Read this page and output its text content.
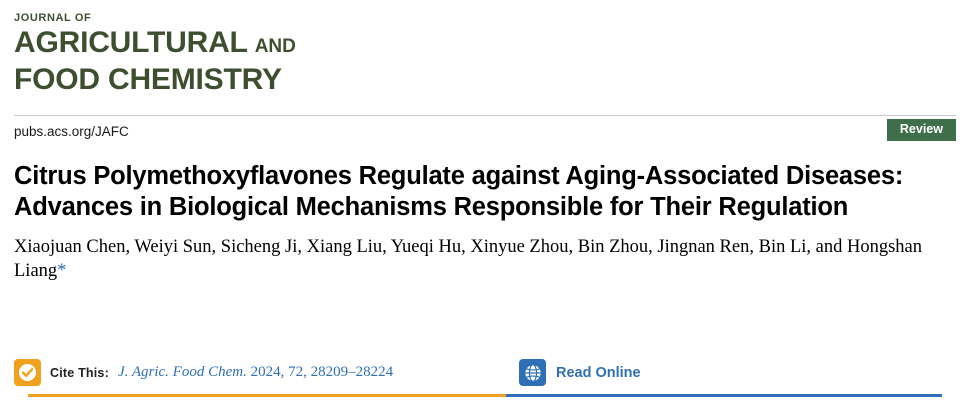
JOURNAL OF
AGRICULTURAL AND
FOOD CHEMISTRY
pubs.acs.org/JAFC	Review
Citrus Polymethoxyflavones Regulate against Aging-Associated Diseases: Advances in Biological Mechanisms Responsible for Their Regulation
Xiaojuan Chen, Weiyi Sun, Sicheng Ji, Xiang Liu, Yueqi Hu, Xinyue Zhou, Bin Zhou, Jingnan Ren, Bin Li, and Hongshan Liang*
Cite This: J. Agric. Food Chem. 2024, 72, 28209‒28224	Read Online
